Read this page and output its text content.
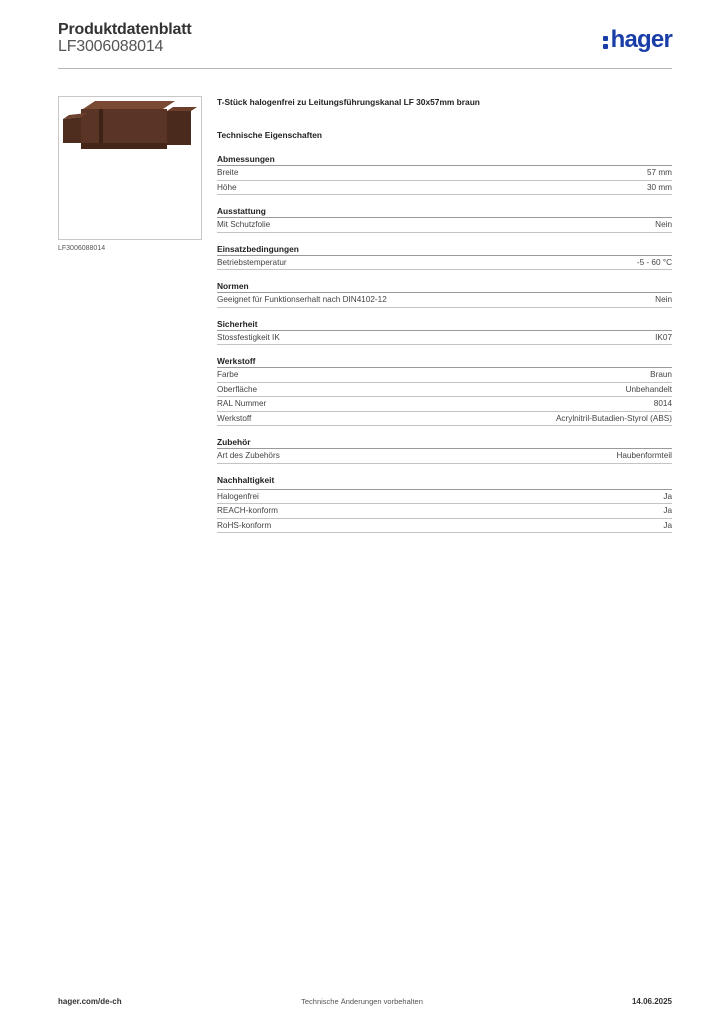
Produktdatenblatt
LF3006088014	hager
LF3006088014
T-Stück halogenfrei zu Leitungsführungskanal LF 30x57mm braun
Technische Eigenschaften
Abmessungen
Breite	57 mm
Höhe	30 mm
Ausstattung
Mit Schutzfolie	Nein
Einsatzbedingungen
Betriebstemperatur	-5 - 60 °C
Normen
Geeignet für Funktionserhalt nach DIN4102-12	Nein
Sicherheit
Stossfestigkeit IK	IK07
Werkstoff
Farbe	Braun
Oberfläche	Unbehandelt
RAL Nummer	8014
Werkstoff	Acrylnitril-Butadien-Styrol (ABS)
Zubehör
Art des Zubehörs	Haubenformteil
Nachhaltigkeit
Halogenfrei	Ja
REACH-konform	Ja
RoHS-konform	Ja
hager.com/de-ch	Technische Änderungen vorbehalten	14.06.2025
